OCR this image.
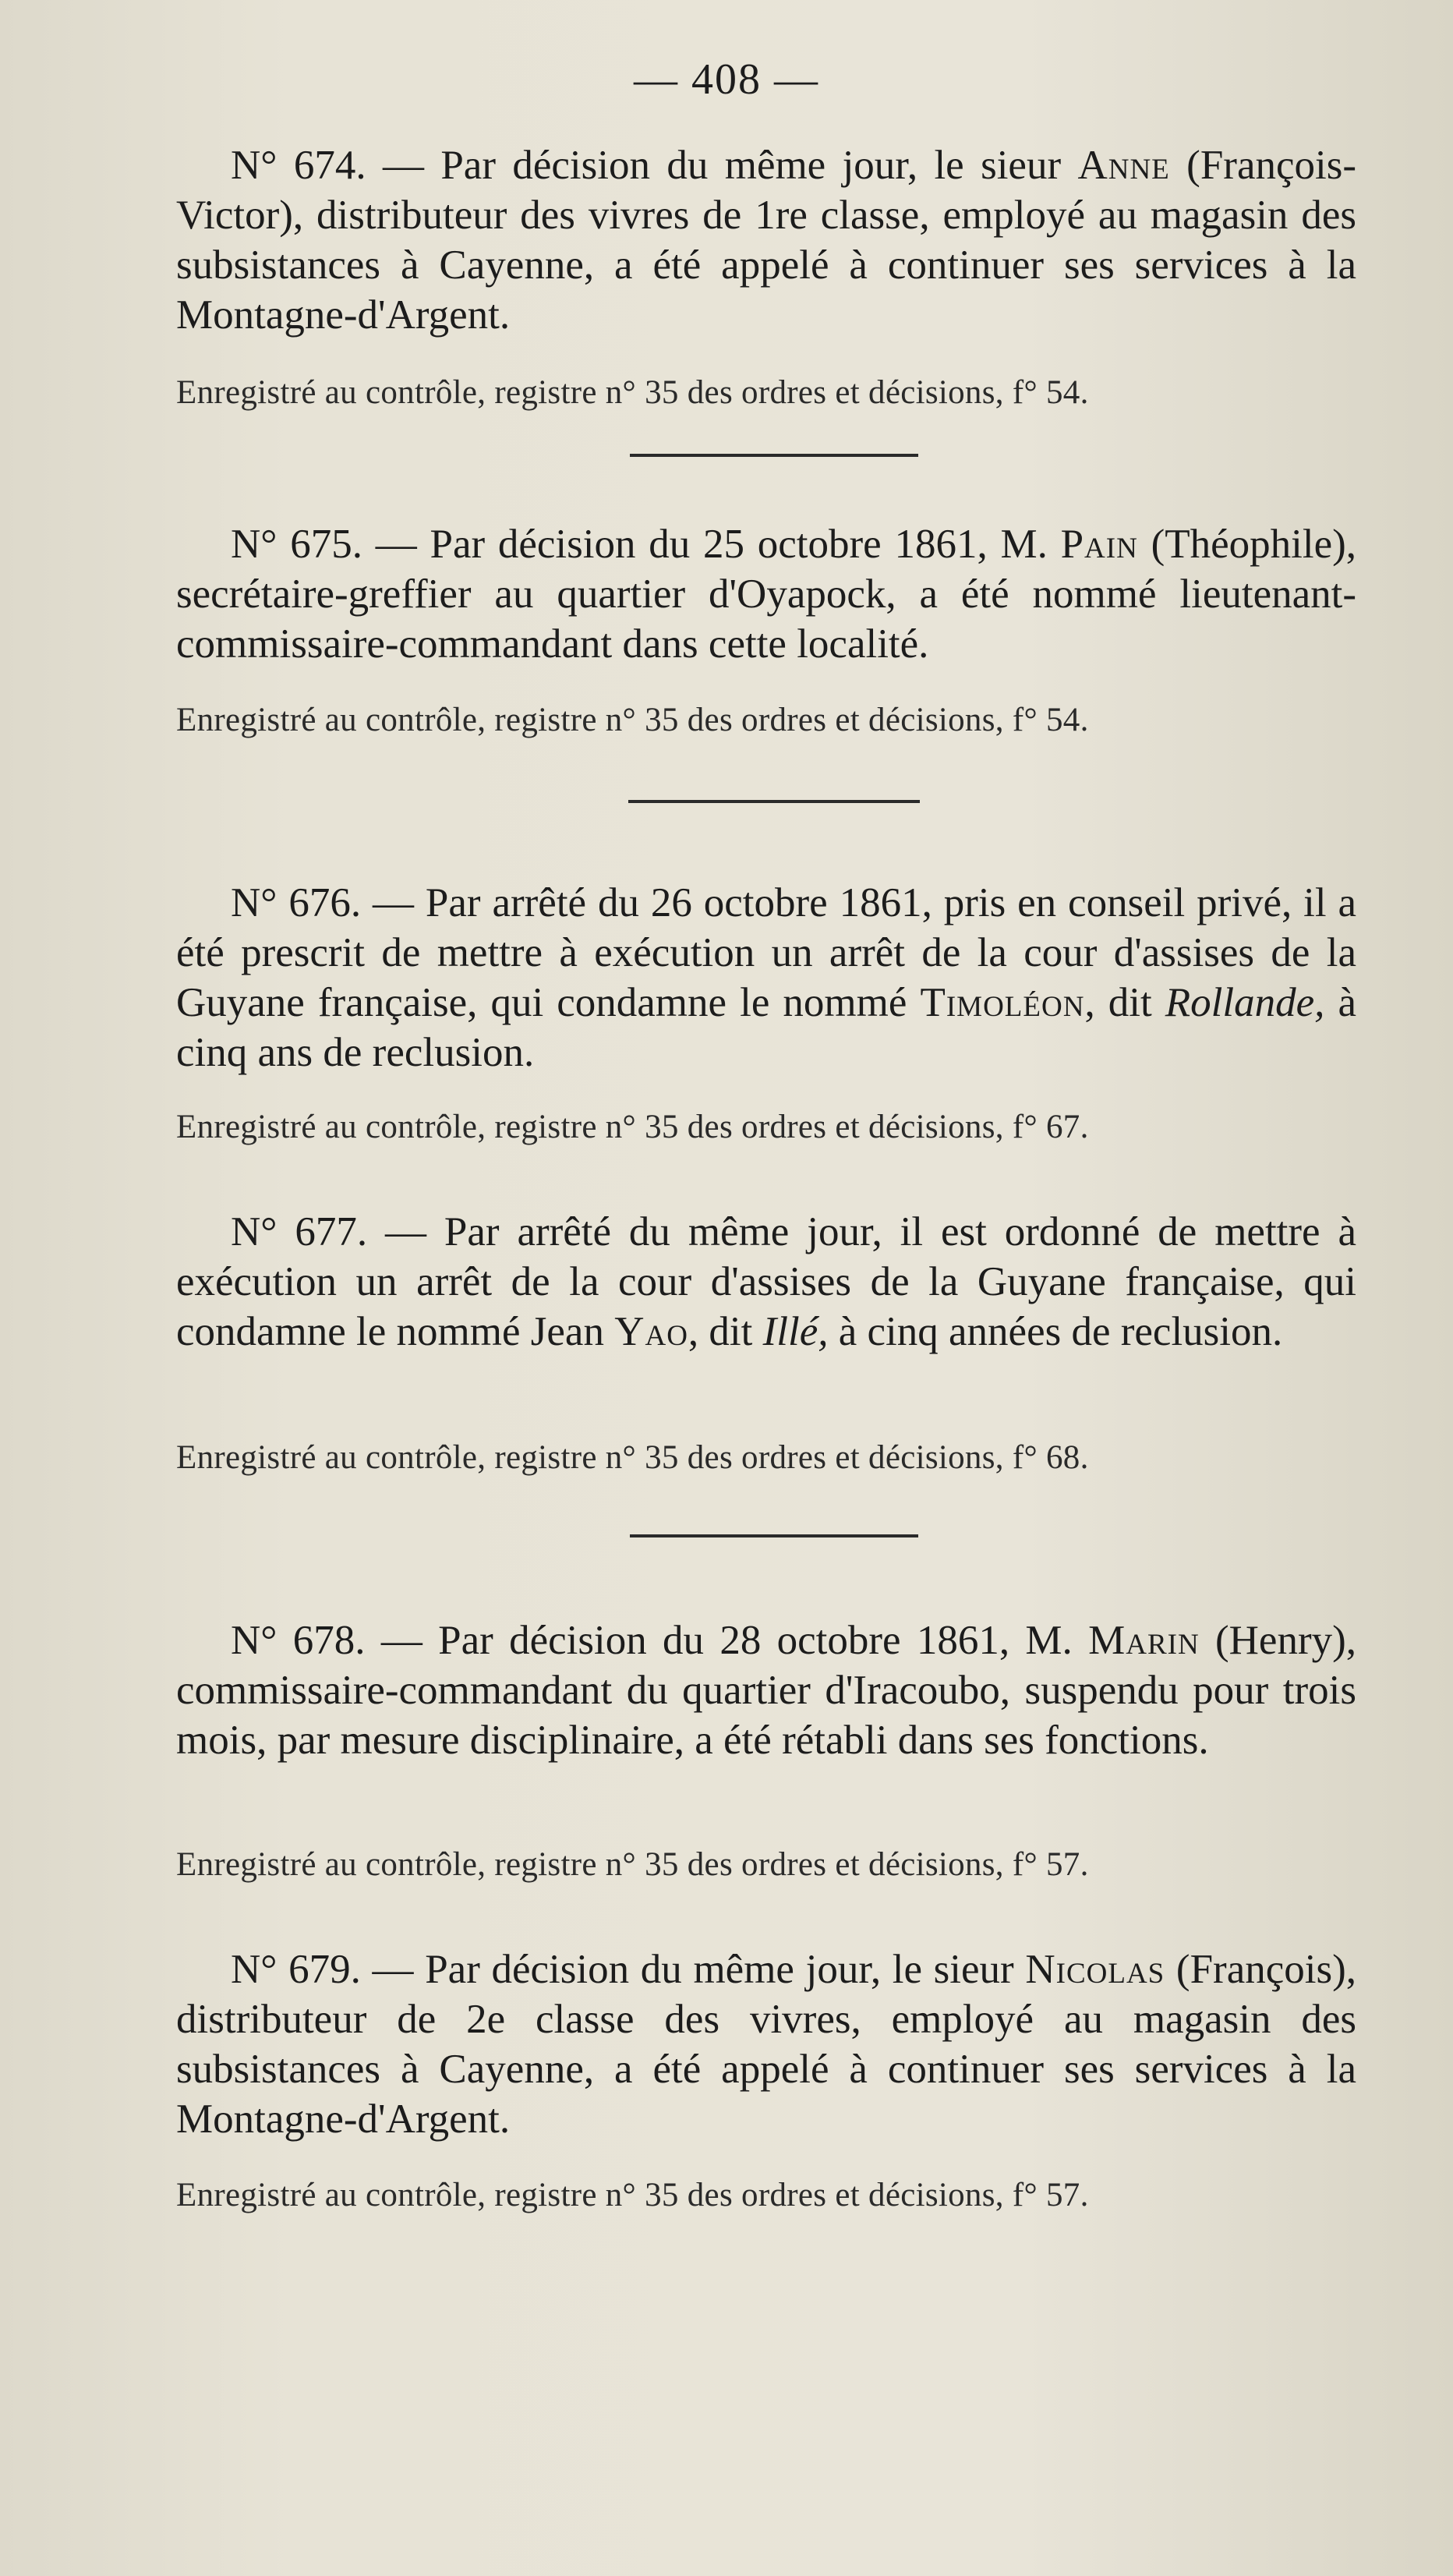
— 408 —

N° 674. — Par décision du même jour, le sieur Anne (François-Victor), distributeur des vivres de 1re classe, employé au magasin des subsistances à Cayenne, a été appelé à continuer ses services à la Montagne-d'Argent.

Enregistré au contrôle, registre n° 35 des ordres et décisions, f° 54.

N° 675. — Par décision du 25 octobre 1861, M. Pain (Théophile), secrétaire-greffier au quartier d'Oyapock, a été nommé lieutenant-commissaire-commandant dans cette localité.

Enregistré au contrôle, registre n° 35 des ordres et décisions, f° 54.

N° 676. — Par arrêté du 26 octobre 1861, pris en conseil privé, il a été prescrit de mettre à exécution un arrêt de la cour d'assises de la Guyane française, qui condamne le nommé Timoléon, dit Rollande, à cinq ans de reclusion.

Enregistré au contrôle, registre n° 35 des ordres et décisions, f° 67.

N° 677. — Par arrêté du même jour, il est ordonné de mettre à exécution un arrêt de la cour d'assises de la Guyane française, qui condamne le nommé Jean Yao, dit Illé, à cinq années de reclusion.

Enregistré au contrôle, registre n° 35 des ordres et décisions, f° 68.

N° 678. — Par décision du 28 octobre 1861, M. Marin (Henry), commissaire-commandant du quartier d'Iracoubo, suspendu pour trois mois, par mesure disciplinaire, a été rétabli dans ses fonctions.

Enregistré au contrôle, registre n° 35 des ordres et décisions, f° 57.

N° 679. — Par décision du même jour, le sieur Nicolas (François), distributeur de 2e classe des vivres, employé au magasin des subsistances à Cayenne, a été appelé à continuer ses services à la Montagne-d'Argent.

Enregistré au contrôle, registre n° 35 des ordres et décisions, f° 57.
